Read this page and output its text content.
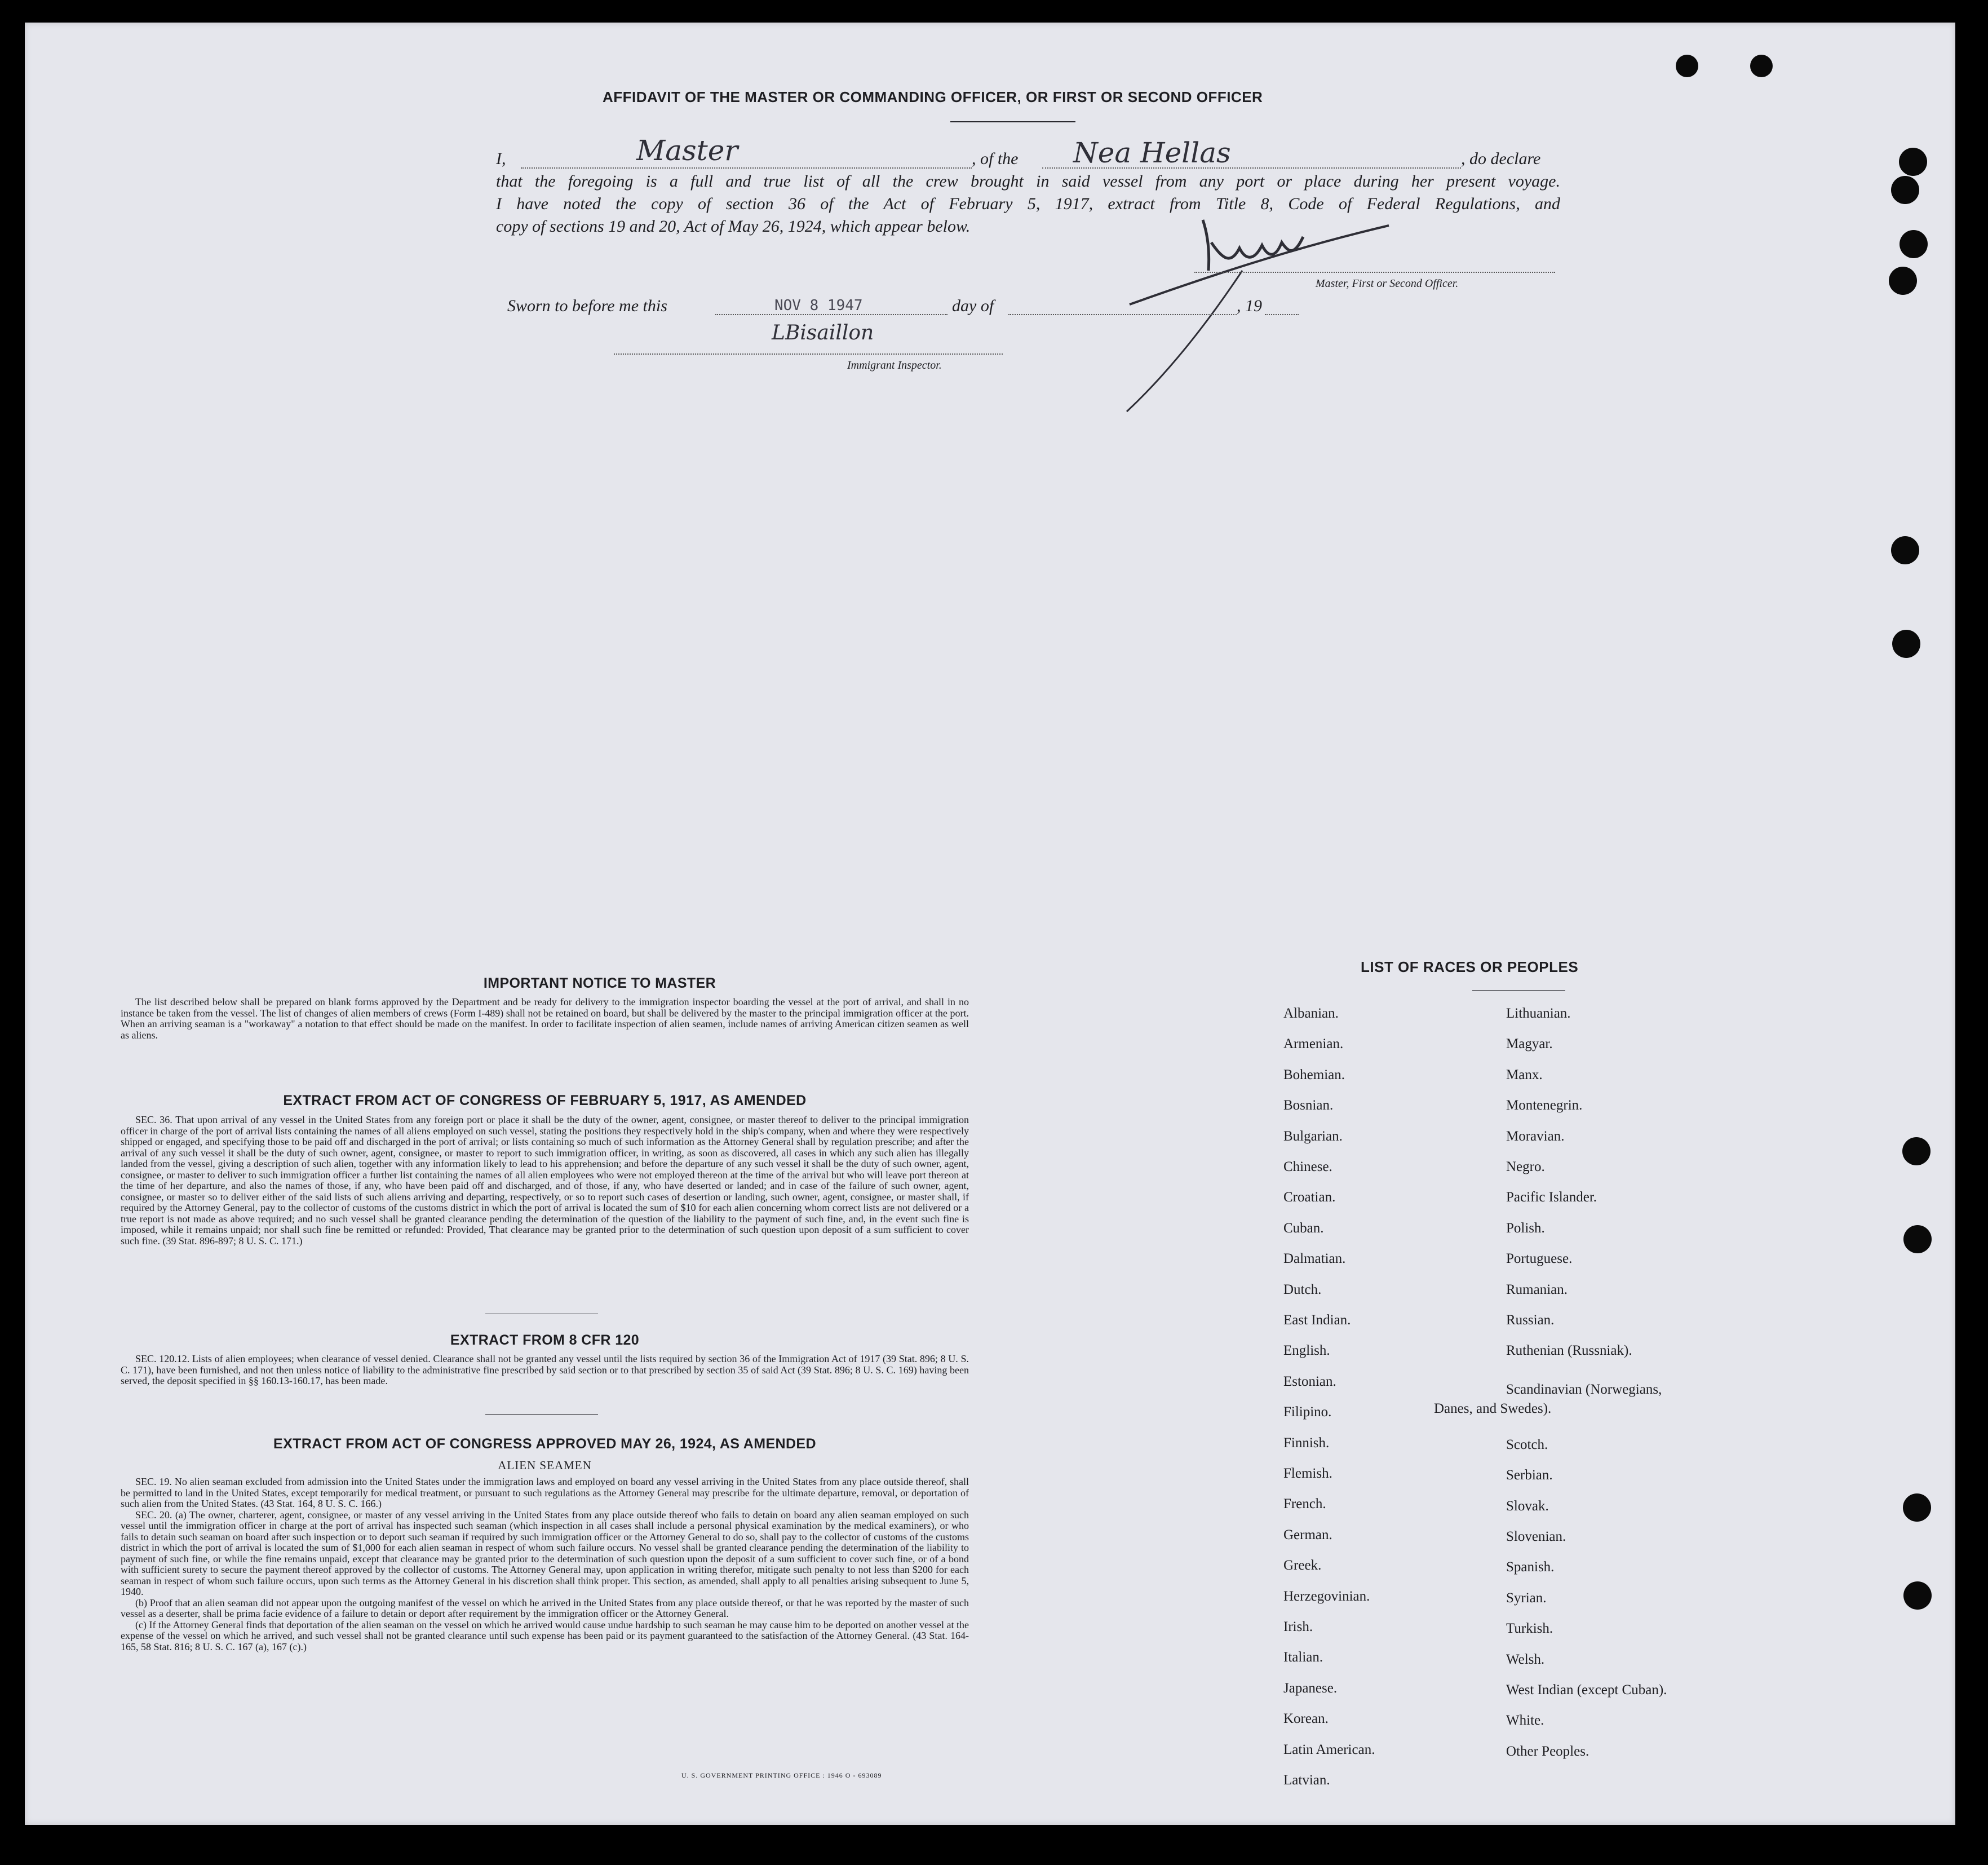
AFFIDAVIT OF THE MASTER OR COMMANDING OFFICER, OR FIRST OR SECOND OFFICER
I,	Master	, of the Nea Hellas	, do declare
that the foregoing is a full and true list of all the crew brought in said vessel from any port or place during her present voyage.
I have noted the copy of section 36 of the Act of February 5, 1917, extract from Title 8, Code of Federal Regulations, and
copy of sections 19 and 20, Act of May 26, 1924, which appear below.
Master, First or Second Officer.
Sworn to before me this	NOV 8 1947	day of	, 19
LBisaillon
Immigrant Inspector.
IMPORTANT NOTICE TO MASTER

The list described below shall be prepared on blank forms approved by the Department and be ready for delivery to the immigration inspector boarding the vessel at the port of arrival, and shall in no instance be taken from the vessel. The list of changes of alien members of crews (Form I-489) shall not be retained on board, but shall be delivered by the master to the principal immigration officer at the port. When an arriving seaman is a "workaway" a notation to that effect should be made on the manifest. In order to facilitate inspection of alien seamen, include names of arriving American citizen seamen as well as aliens.

EXTRACT FROM ACT OF CONGRESS OF FEBRUARY 5, 1917, AS AMENDED

SEC. 36. That upon arrival of any vessel in the United States from any foreign port or place it shall be the duty of the owner, agent, consignee, or master thereof to deliver to the principal immigration officer in charge of the port of arrival lists containing the names of all aliens employed on such vessel, stating the positions they respectively hold in the ship's company, when and where they were respectively shipped or engaged, and specifying those to be paid off and discharged in the port of arrival; or lists containing so much of such information as the Attorney General shall by regulation prescribe; and after the arrival of any such vessel it shall be the duty of such owner, agent, consignee, or master to report to such immigration officer, in writing, as soon as discovered, all cases in which any such alien has illegally landed from the vessel, giving a description of such alien, together with any information likely to lead to his apprehension; and before the departure of any such vessel it shall be the duty of such owner, agent, consignee, or master to deliver to such immigration officer a further list containing the names of all alien employees who were not employed thereon at the time of the arrival but who will leave port thereon at the time of her departure, and also the names of those, if any, who have been paid off and discharged, and of those, if any, who have deserted or landed; and in case of the failure of such owner, agent, consignee, or master so to deliver either of the said lists of such aliens arriving and departing, respectively, or so to report such cases of desertion or landing, such owner, agent, consignee, or master shall, if required by the Attorney General, pay to the collector of customs of the customs district in which the port of arrival is located the sum of $10 for each alien concerning whom correct lists are not delivered or a true report is not made as above required; and no such vessel shall be granted clearance pending the determination of the question of the liability to the payment of such fine, and, in the event such fine is imposed, while it remains unpaid; nor shall such fine be remitted or refunded: Provided, That clearance may be granted prior to the determination of such question upon deposit of a sum sufficient to cover such fine. (39 Stat. 896-897; 8 U. S. C. 171.)

EXTRACT FROM 8 CFR 120

SEC. 120.12. Lists of alien employees; when clearance of vessel denied. Clearance shall not be granted any vessel until the lists required by section 36 of the Immigration Act of 1917 (39 Stat. 896; 8 U. S. C. 171), have been furnished, and not then unless notice of liability to the administrative fine prescribed by said section or to that prescribed by section 35 of said Act (39 Stat. 896; 8 U. S. C. 169) having been served, the deposit specified in §§ 160.13-160.17, has been made.

EXTRACT FROM ACT OF CONGRESS APPROVED MAY 26, 1924, AS AMENDED
ALIEN SEAMEN

SEC. 19. No alien seaman excluded from admission into the United States under the immigration laws and employed on board any vessel arriving in the United States from any place outside thereof, shall be permitted to land in the United States, except temporarily for medical treatment, or pursuant to such regulations as the Attorney General may prescribe for the ultimate departure, removal, or deportation of such alien from the United States. (43 Stat. 164, 8 U. S. C. 166.)

SEC. 20. (a) The owner, charterer, agent, consignee, or master of any vessel arriving in the United States from any place outside thereof who fails to detain on board any alien seaman employed on such vessel until the immigration officer in charge at the port of arrival has inspected such seaman (which inspection in all cases shall include a personal physical examination by the medical examiners), or who fails to detain such seaman on board after such inspection or to deport such seaman if required by such immigration officer or the Attorney General to do so, shall pay to the collector of customs of the customs district in which the port of arrival is located the sum of $1,000 for each alien seaman in respect of whom such failure occurs. No vessel shall be granted clearance pending the determination of the liability to payment of such fine, or while the fine remains unpaid, except that clearance may be granted prior to the determination of such question upon the deposit of a sum sufficient to cover such fine, or of a bond with sufficient surety to secure the payment thereof approved by the collector of customs. The Attorney General may, upon application in writing therefor, mitigate such penalty to not less than $200 for each seaman in respect of whom such failure occurs, upon such terms as the Attorney General in his discretion shall think proper. This section, as amended, shall apply to all penalties arising subsequent to June 5, 1940.

(b) Proof that an alien seaman did not appear upon the outgoing manifest of the vessel on which he arrived in the United States from any place outside thereof, or that he was reported by the master of such vessel as a deserter, shall be prima facie evidence of a failure to detain or deport after requirement by the immigration officer or the Attorney General.

(c) If the Attorney General finds that deportation of the alien seaman on the vessel on which he arrived would cause undue hardship to such seaman he may cause him to be deported on another vessel at the expense of the vessel on which he arrived, and such vessel shall not be granted clearance until such expense has been paid or its payment guaranteed to the satisfaction of the Attorney General. (43 Stat. 164-165, 58 Stat. 816; 8 U. S. C. 167 (a), 167 (c).)

U. S. GOVERNMENT PRINTING OFFICE : 1946 O - 693089
LIST OF RACES OR PEOPLES
Albanian.
Armenian.
Bohemian.
Bosnian.
Bulgarian.
Chinese.
Croatian.
Cuban.
Dalmatian.
Dutch.
East Indian.
English.
Estonian.
Filipino.
Finnish.
Flemish.
French.
German.
Greek.
Herzegovinian.
Irish.
Italian.
Japanese.
Korean.
Latin American.
Latvian.
Lithuanian.
Magyar.
Manx.
Montenegrin.
Moravian.
Negro.
Pacific Islander.
Polish.
Portuguese.
Rumanian.
Russian.
Ruthenian (Russniak).
Scandinavian (Norwegians,
Danes, and Swedes).
Scotch.
Serbian.
Slovak.
Slovenian.
Spanish.
Syrian.
Turkish.
Welsh.
West Indian (except Cuban).
White.
Other Peoples.
